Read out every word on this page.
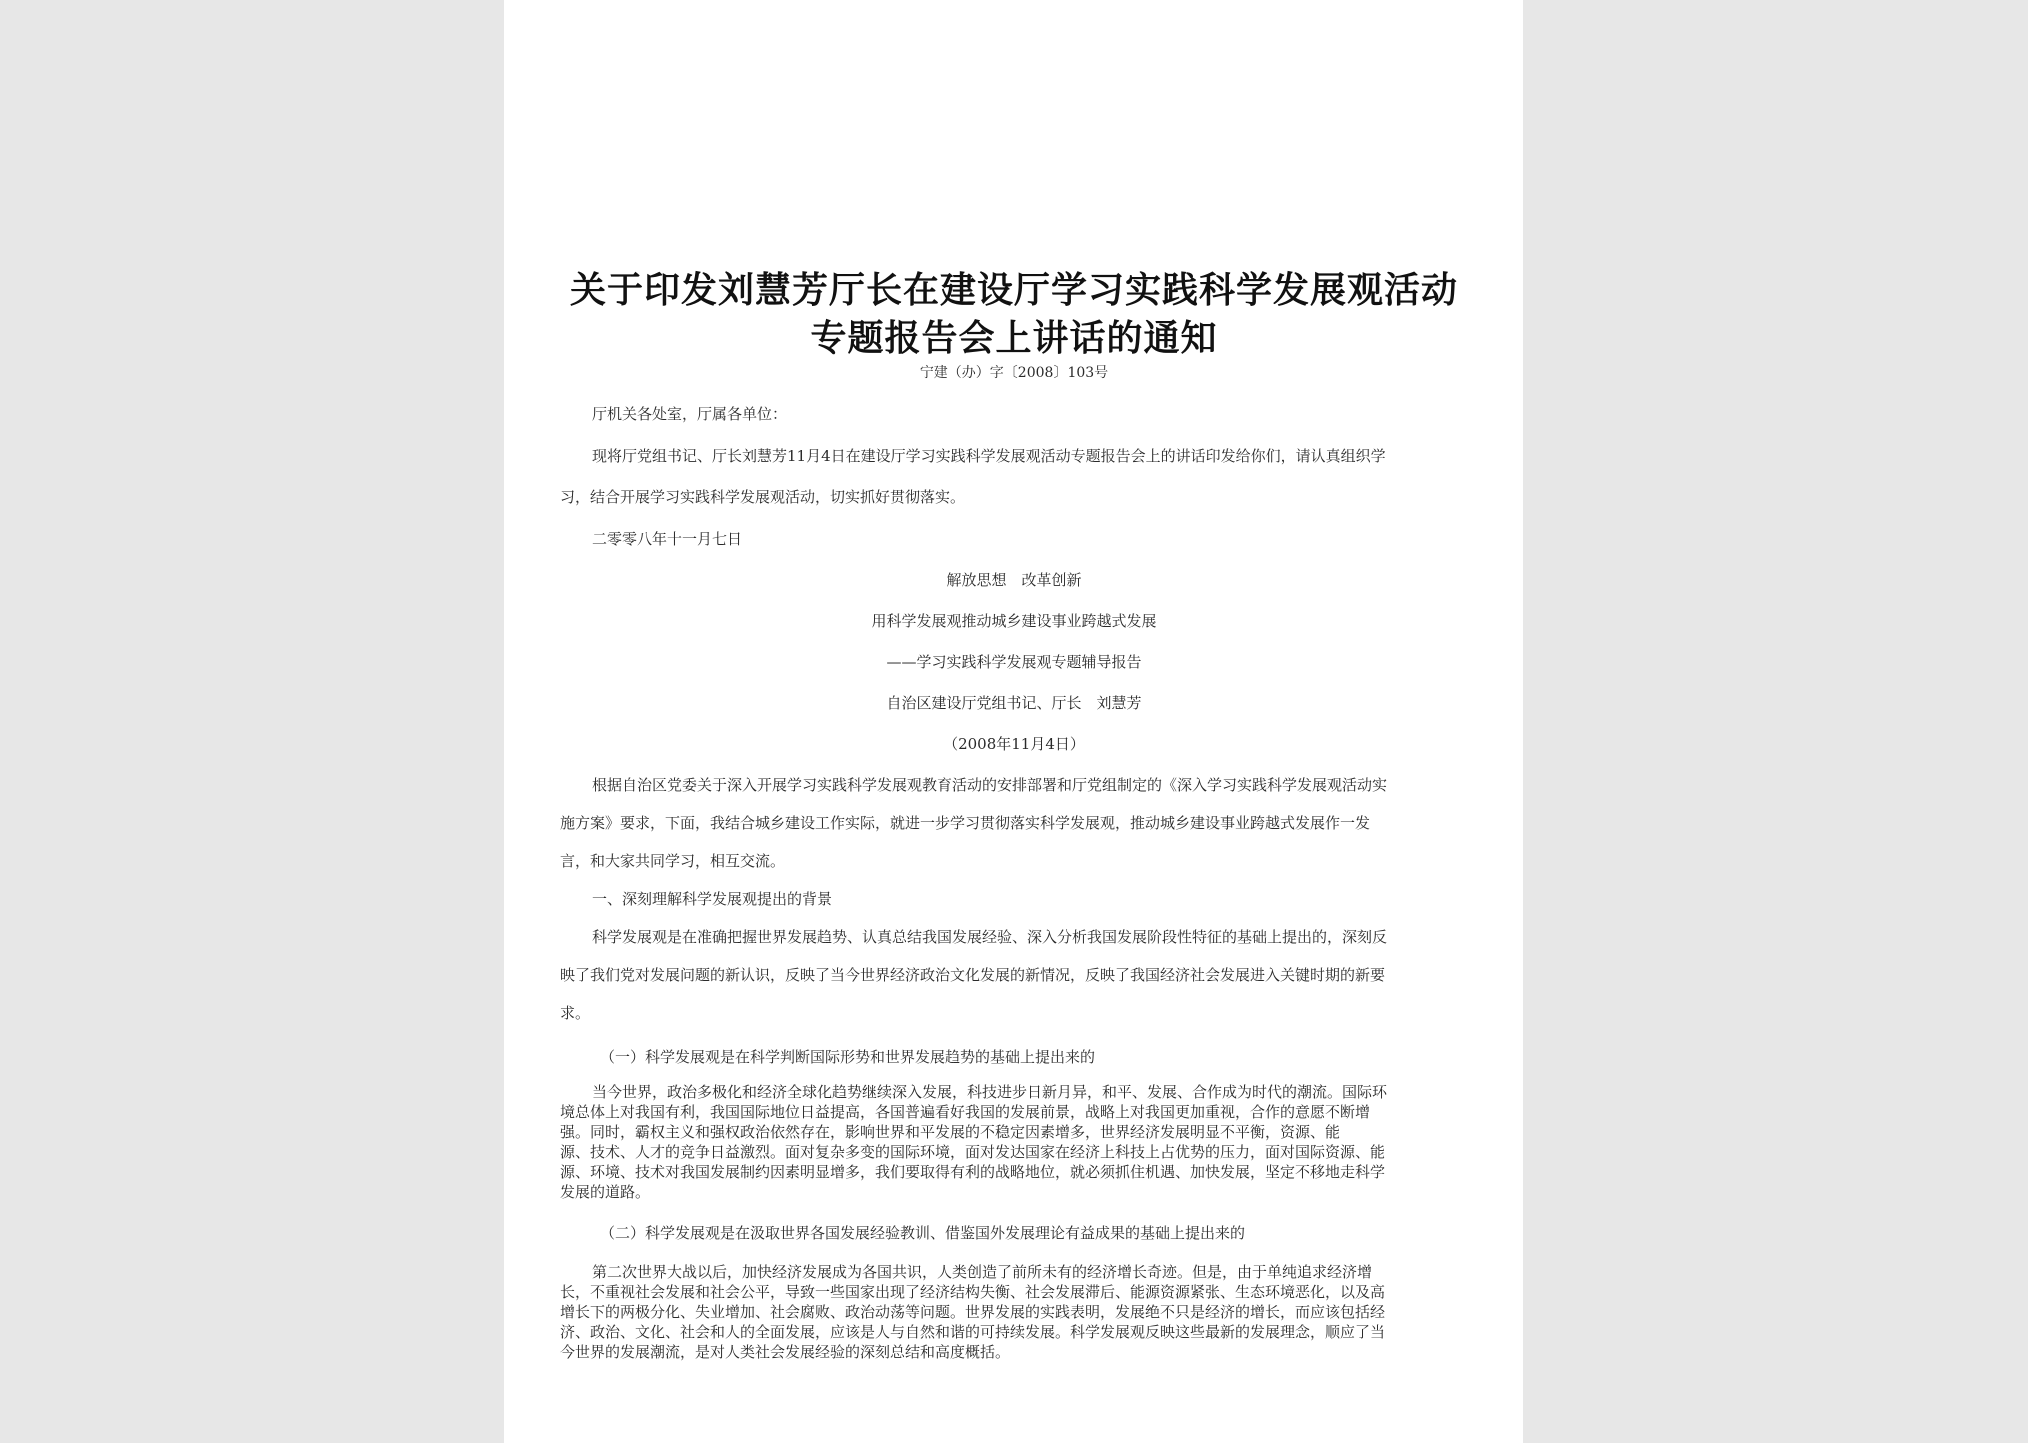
关于印发刘慧芳厅长在建设厅学习实践科学发展观活动
专题报告会上讲话的通知
宁建（办）字〔2008〕103号

厅机关各处室，厅属各单位：

现将厅党组书记、厅长刘慧芳11月4日在建设厅学习实践科学发展观活动专题报告会上的讲话印发给你们，请认真组织学

习，结合开展学习实践科学发展观活动，切实抓好贯彻落实。

二零零八年十一月七日

解放思想　改革创新
用科学发展观推动城乡建设事业跨越式发展
——学习实践科学发展观专题辅导报告
自治区建设厅党组书记、厅长　刘慧芳
（2008年11月4日）

根据自治区党委关于深入开展学习实践科学发展观教育活动的安排部署和厅党组制定的《深入学习实践科学发展观活动实

施方案》要求，下面，我结合城乡建设工作实际，就进一步学习贯彻落实科学发展观，推动城乡建设事业跨越式发展作一发

言，和大家共同学习，相互交流。

一、深刻理解科学发展观提出的背景

科学发展观是在准确把握世界发展趋势、认真总结我国发展经验、深入分析我国发展阶段性特征的基础上提出的，深刻反

映了我们党对发展问题的新认识，反映了当今世界经济政治文化发展的新情况，反映了我国经济社会发展进入关键时期的新要

求。

（一）科学发展观是在科学判断国际形势和世界发展趋势的基础上提出来的

当今世界，政治多极化和经济全球化趋势继续深入发展，科技进步日新月异，和平、发展、合作成为时代的潮流。国际环

境总体上对我国有利，我国国际地位日益提高，各国普遍看好我国的发展前景，战略上对我国更加重视，合作的意愿不断增

强。同时，霸权主义和强权政治依然存在，影响世界和平发展的不稳定因素增多，世界经济发展明显不平衡，资源、能

源、技术、人才的竞争日益激烈。面对复杂多变的国际环境，面对发达国家在经济上科技上占优势的压力，面对国际资源、能

源、环境、技术对我国发展制约因素明显增多，我们要取得有利的战略地位，就必须抓住机遇、加快发展，坚定不移地走科学

发展的道路。

（二）科学发展观是在汲取世界各国发展经验教训、借鉴国外发展理论有益成果的基础上提出来的

第二次世界大战以后，加快经济发展成为各国共识，人类创造了前所未有的经济增长奇迹。但是，由于单纯追求经济增

长，不重视社会发展和社会公平，导致一些国家出现了经济结构失衡、社会发展滞后、能源资源紧张、生态环境恶化，以及高

增长下的两极分化、失业增加、社会腐败、政治动荡等问题。世界发展的实践表明，发展绝不只是经济的增长，而应该包括经

济、政治、文化、社会和人的全面发展，应该是人与自然和谐的可持续发展。科学发展观反映这些最新的发展理念，顺应了当

今世界的发展潮流，是对人类社会发展经验的深刻总结和高度概括。
